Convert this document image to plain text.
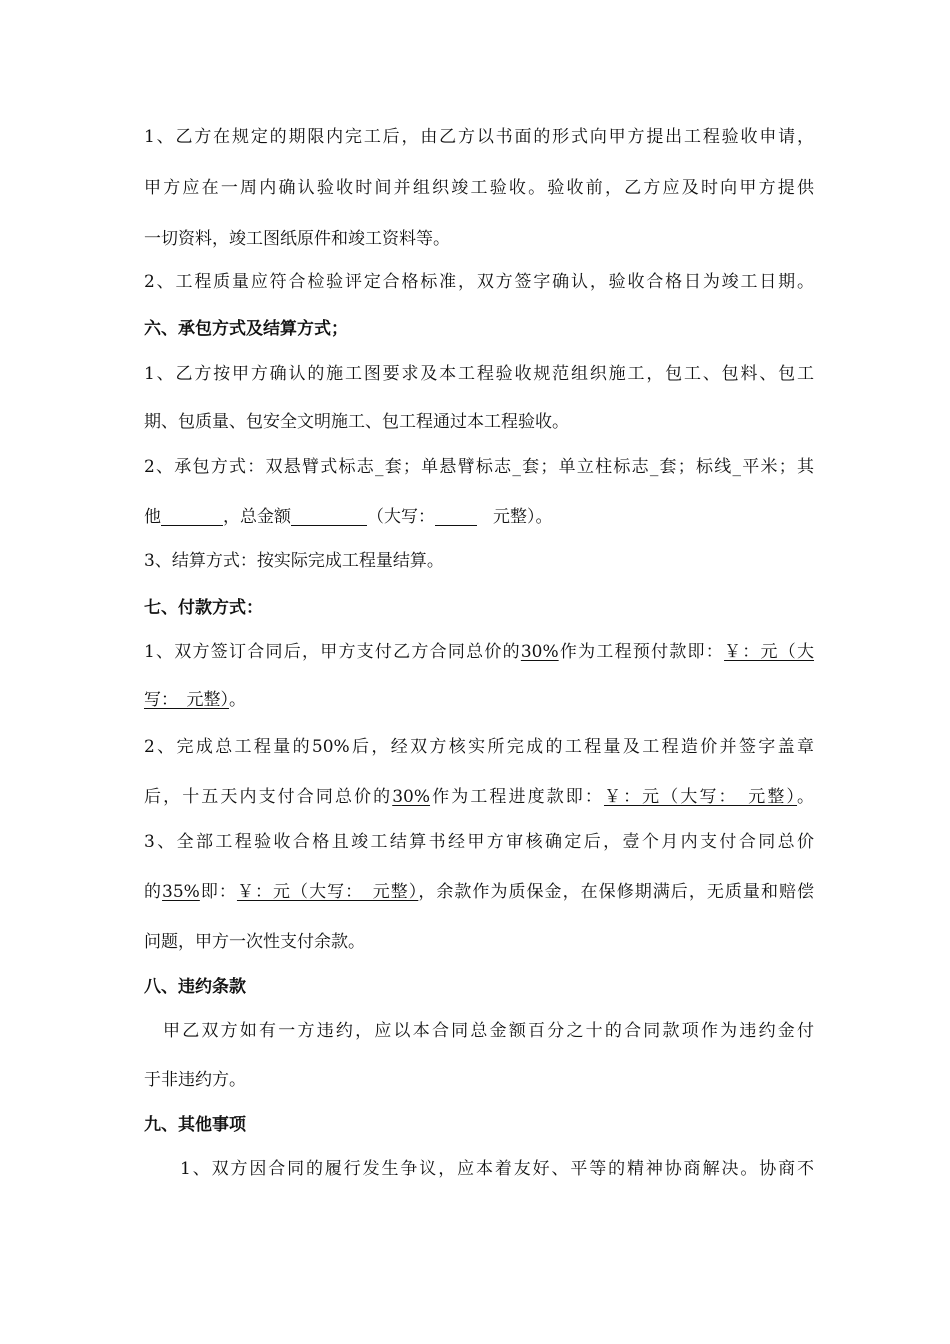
1、乙方在规定的期限内完工后，由乙方以书面的形式向甲方提出工程验收申请，
甲方应在一周内确认验收时间并组织竣工验收。验收前，乙方应及时向甲方提供
一切资料，竣工图纸原件和竣工资料等。
2、工程质量应符合检验评定合格标准，双方签字确认，验收合格日为竣工日期。
六、承包方式及结算方式；
1、乙方按甲方确认的施工图要求及本工程验收规范组织施工，包工、包料、包工
期、包质量、包安全文明施工、包工程通过本工程验收。
2、承包方式：双悬臂式标志_套；单悬臂标志_套；单立柱标志_套；标线_平米；其
他	，总金额	（大写：	元整）。
3、结算方式：按实际完成工程量结算。
七、付款方式：
1、双方签订合同后，甲方支付乙方合同总价的30%作为工程预付款即：￥：元（大
写：　元整）。
2、完成总工程量的50%后，经双方核实所完成的工程量及工程造价并签字盖章
后，十五天内支付合同总价的30%作为工程进度款即：￥：元（大写：　元整）。
3、全部工程验收合格且竣工结算书经甲方审核确定后，壹个月内支付合同总价
的35%即：￥：元（大写：　元整），余款作为质保金，在保修期满后，无质量和赔偿
问题，甲方一次性支付余款。
八、违约条款
甲乙双方如有一方违约，应以本合同总金额百分之十的合同款项作为违约金付
于非违约方。
九、其他事项
1、双方因合同的履行发生争议，应本着友好、平等的精神协商解决。协商不
